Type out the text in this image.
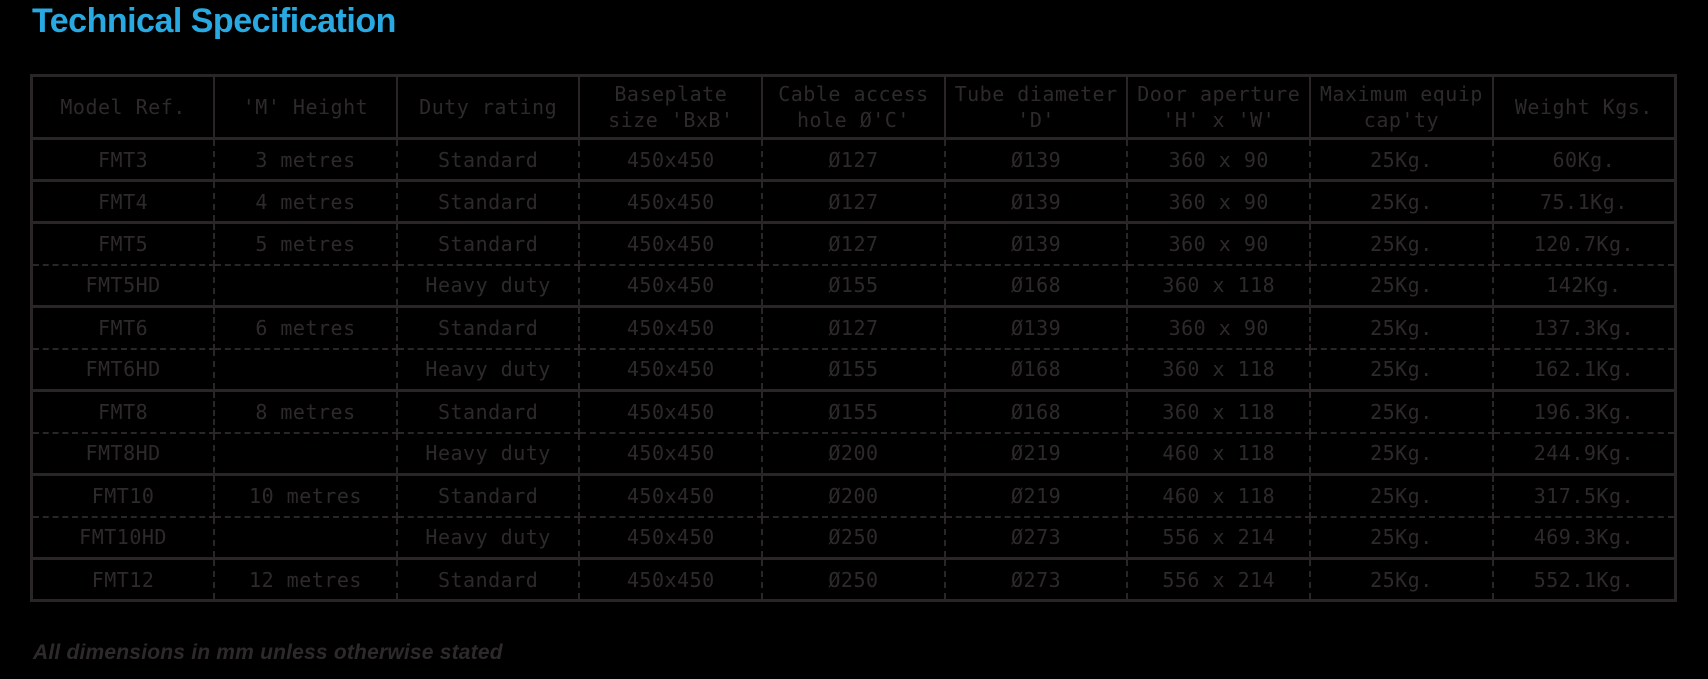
Technical Specification
Model Ref.	'M' Height	Duty rating	Baseplate size 'BxB'	Cable access hole Ø'C'	Tube diameter 'D'	Door aperture 'H' x 'W'	Maximum equip cap'ty	Weight Kgs.
FMT3	3 metres	Standard	450x450	Ø127	Ø139	360 x 90	25Kg.	60Kg.
FMT4	4 metres	Standard	450x450	Ø127	Ø139	360 x 90	25Kg.	75.1Kg.
FMT5	5 metres	Standard	450x450	Ø127	Ø139	360 x 90	25Kg.	120.7Kg.
FMT5HD		Heavy duty	450x450	Ø155	Ø168	360 x 118	25Kg.	142Kg.
FMT6	6 metres	Standard	450x450	Ø127	Ø139	360 x 90	25Kg.	137.3Kg.
FMT6HD		Heavy duty	450x450	Ø155	Ø168	360 x 118	25Kg.	162.1Kg.
FMT8	8 metres	Standard	450x450	Ø155	Ø168	360 x 118	25Kg.	196.3Kg.
FMT8HD		Heavy duty	450x450	Ø200	Ø219	460 x 118	25Kg.	244.9Kg.
FMT10	10 metres	Standard	450x450	Ø200	Ø219	460 x 118	25Kg.	317.5Kg.
FMT10HD		Heavy duty	450x450	Ø250	Ø273	556 x 214	25Kg.	469.3Kg.
FMT12	12 metres	Standard	450x450	Ø250	Ø273	556 x 214	25Kg.	552.1Kg.
All dimensions in mm unless otherwise stated
